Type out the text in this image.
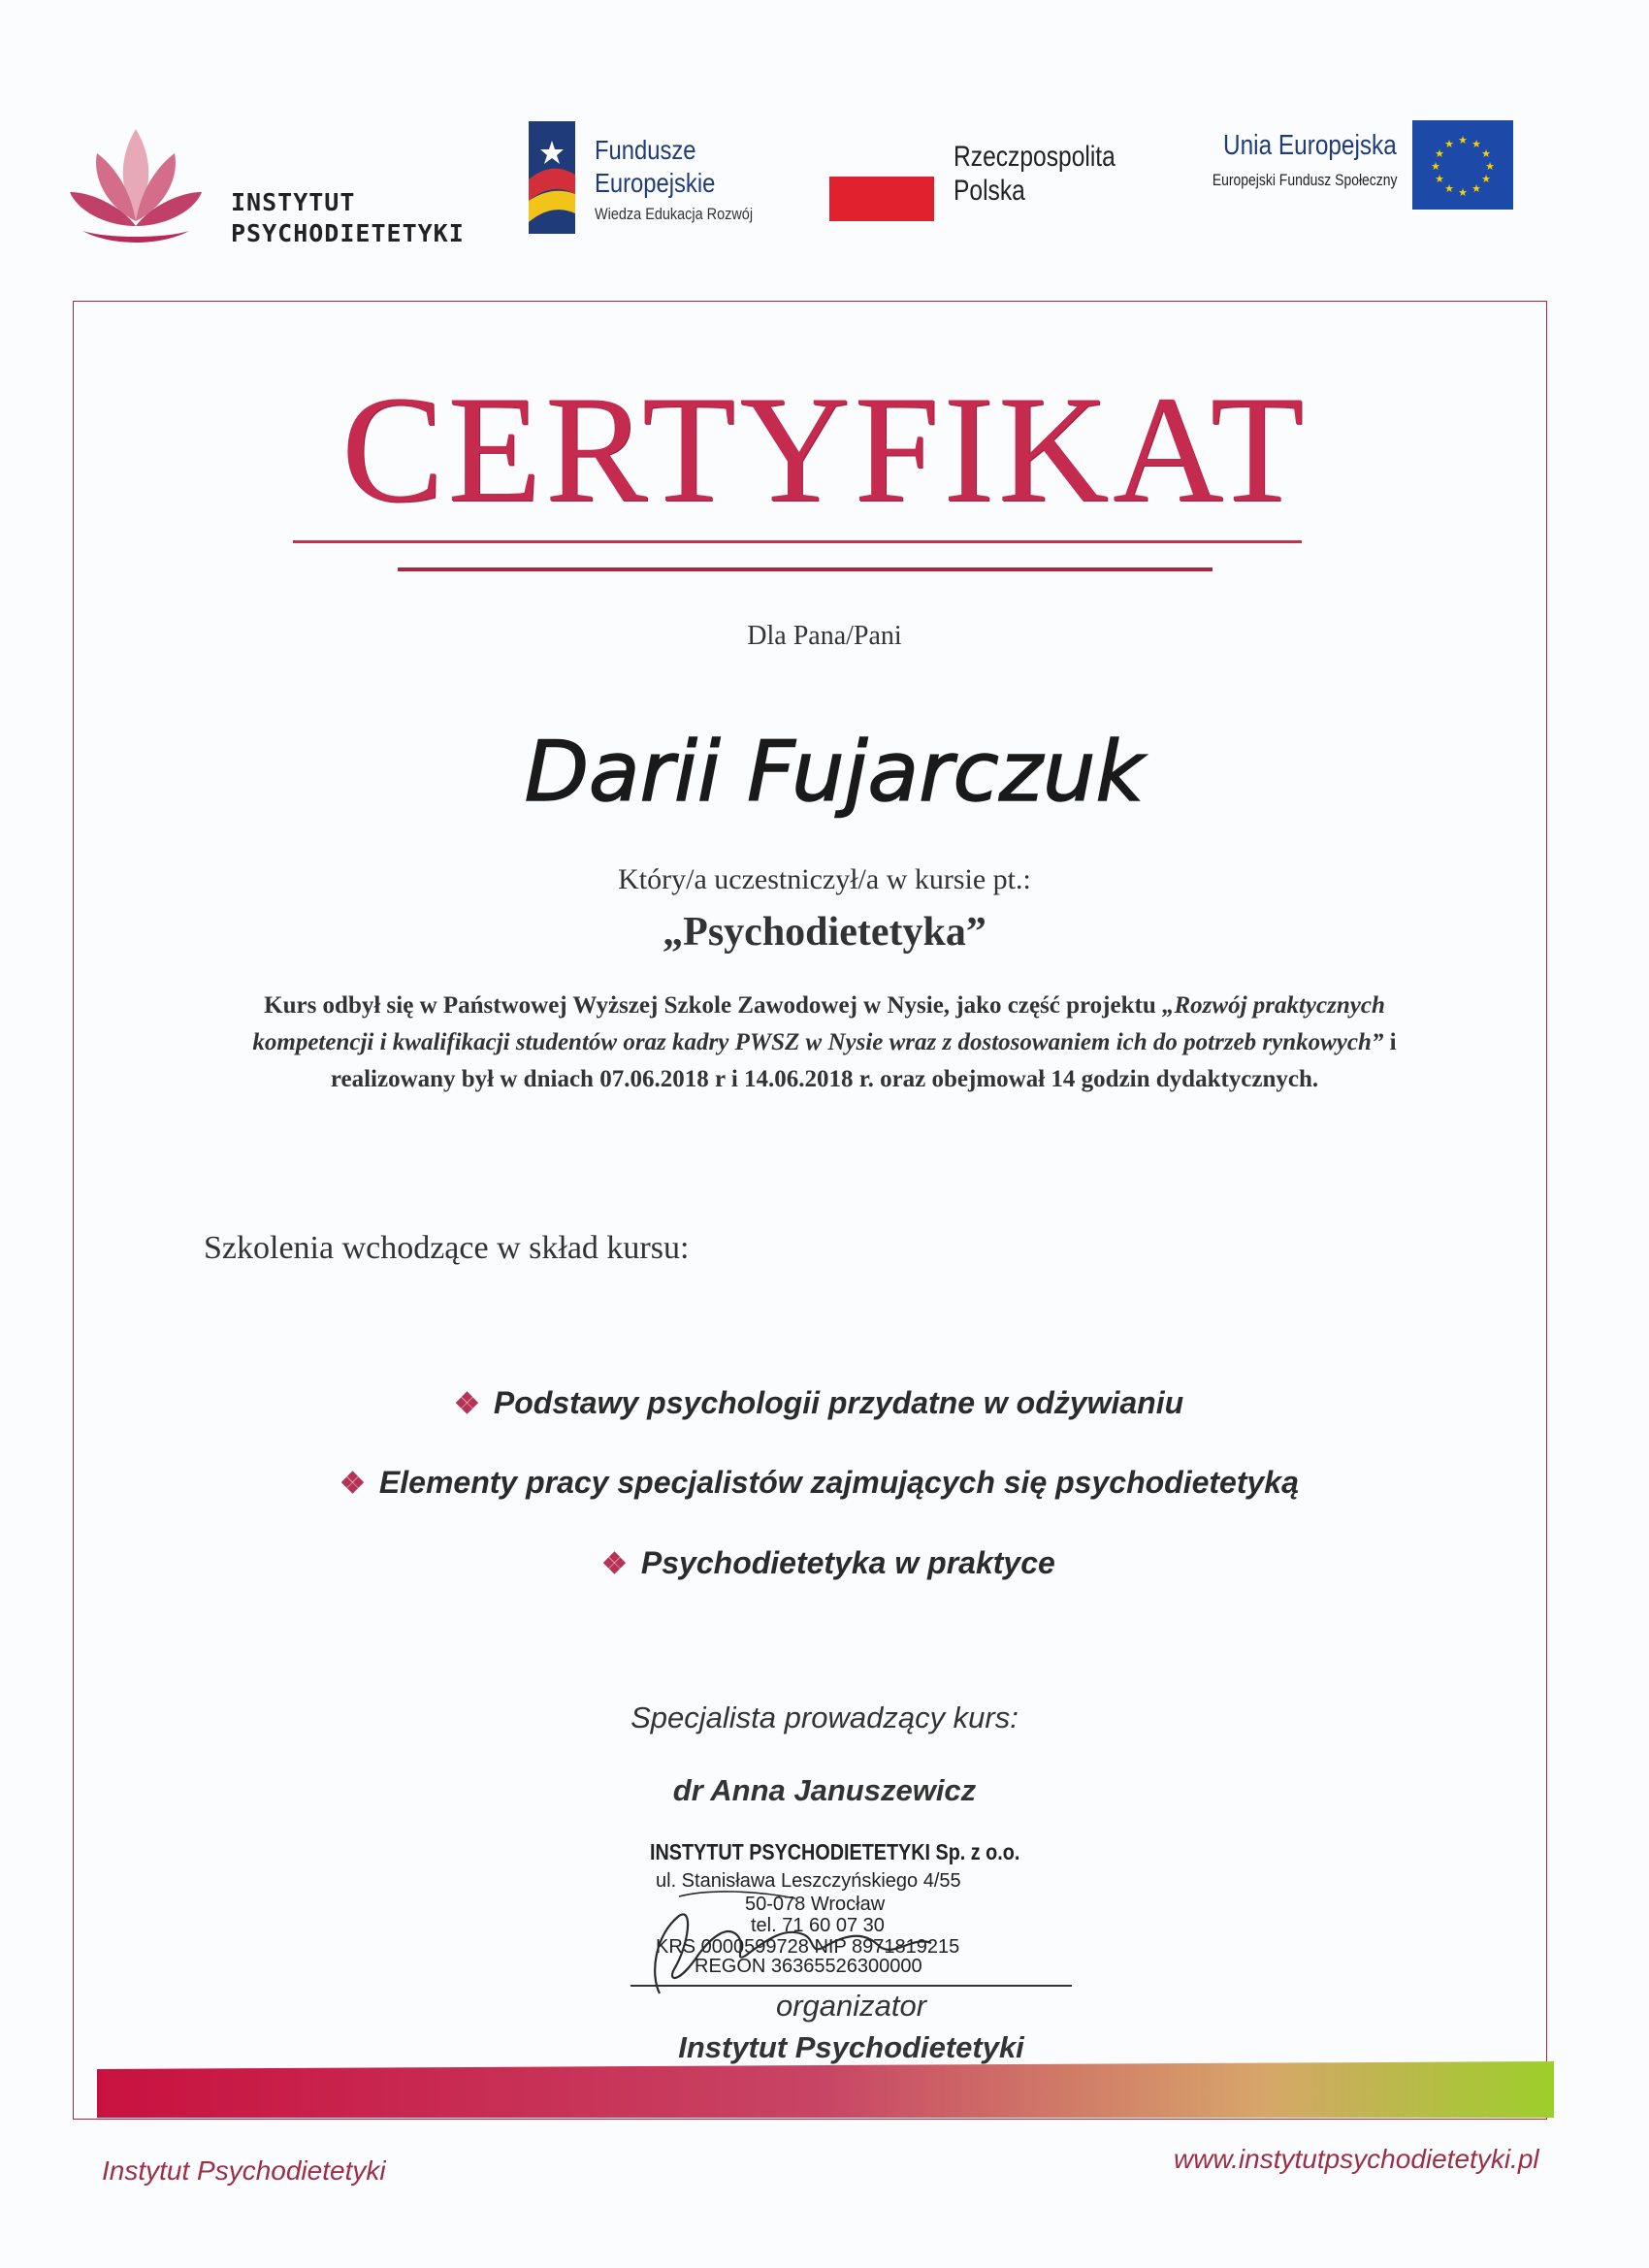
INSTYTUT
PSYCHODIETETYKI
Fundusze
Europejskie
Wiedza Edukacja Rozwój
Rzeczpospolita
Polska
Unia Europejska
Europejski Fundusz Społeczny
★ ★
★
★
★
★
★
★
★
★
★
★
CERTYFIKAT
Dla Pana/Pani
Darii Fujarczuk
Który/a uczestniczył/a w kursie pt.:
„Psychodietetyka”
Kurs odbył się w Państwowej Wyższej Szkole Zawodowej w Nysie, jako część projektu „Rozwój praktycznych kompetencji i kwalifikacji studentów oraz kadry PWSZ w Nysie wraz z dostosowaniem ich do potrzeb rynkowych” i realizowany był w dniach 07.06.2018 r i 14.06.2018 r. oraz obejmował 14 godzin dydaktycznych.
Szkolenia wchodzące w skład kursu:
❖ Podstawy psychologii przydatne w odżywianiu
❖ Elementy pracy specjalistów zajmujących się psychodietetyką
❖ Psychodietetyka w praktyce
Specjalista prowadzący kurs:
dr Anna Januszewicz
INSTYTUT PSYCHODIETETYKI Sp. z o.o.
ul. Stanisława Leszczyńskiego 4/55
50-078 Wrocław
tel. 71 60 07 30
KRS 0000599728 NIP 8971819215
REGON 36365526300000
organizator
Instytut Psychodietetyki
Instytut Psychodietetyki	www.instytutpsychodietetyki.pl
